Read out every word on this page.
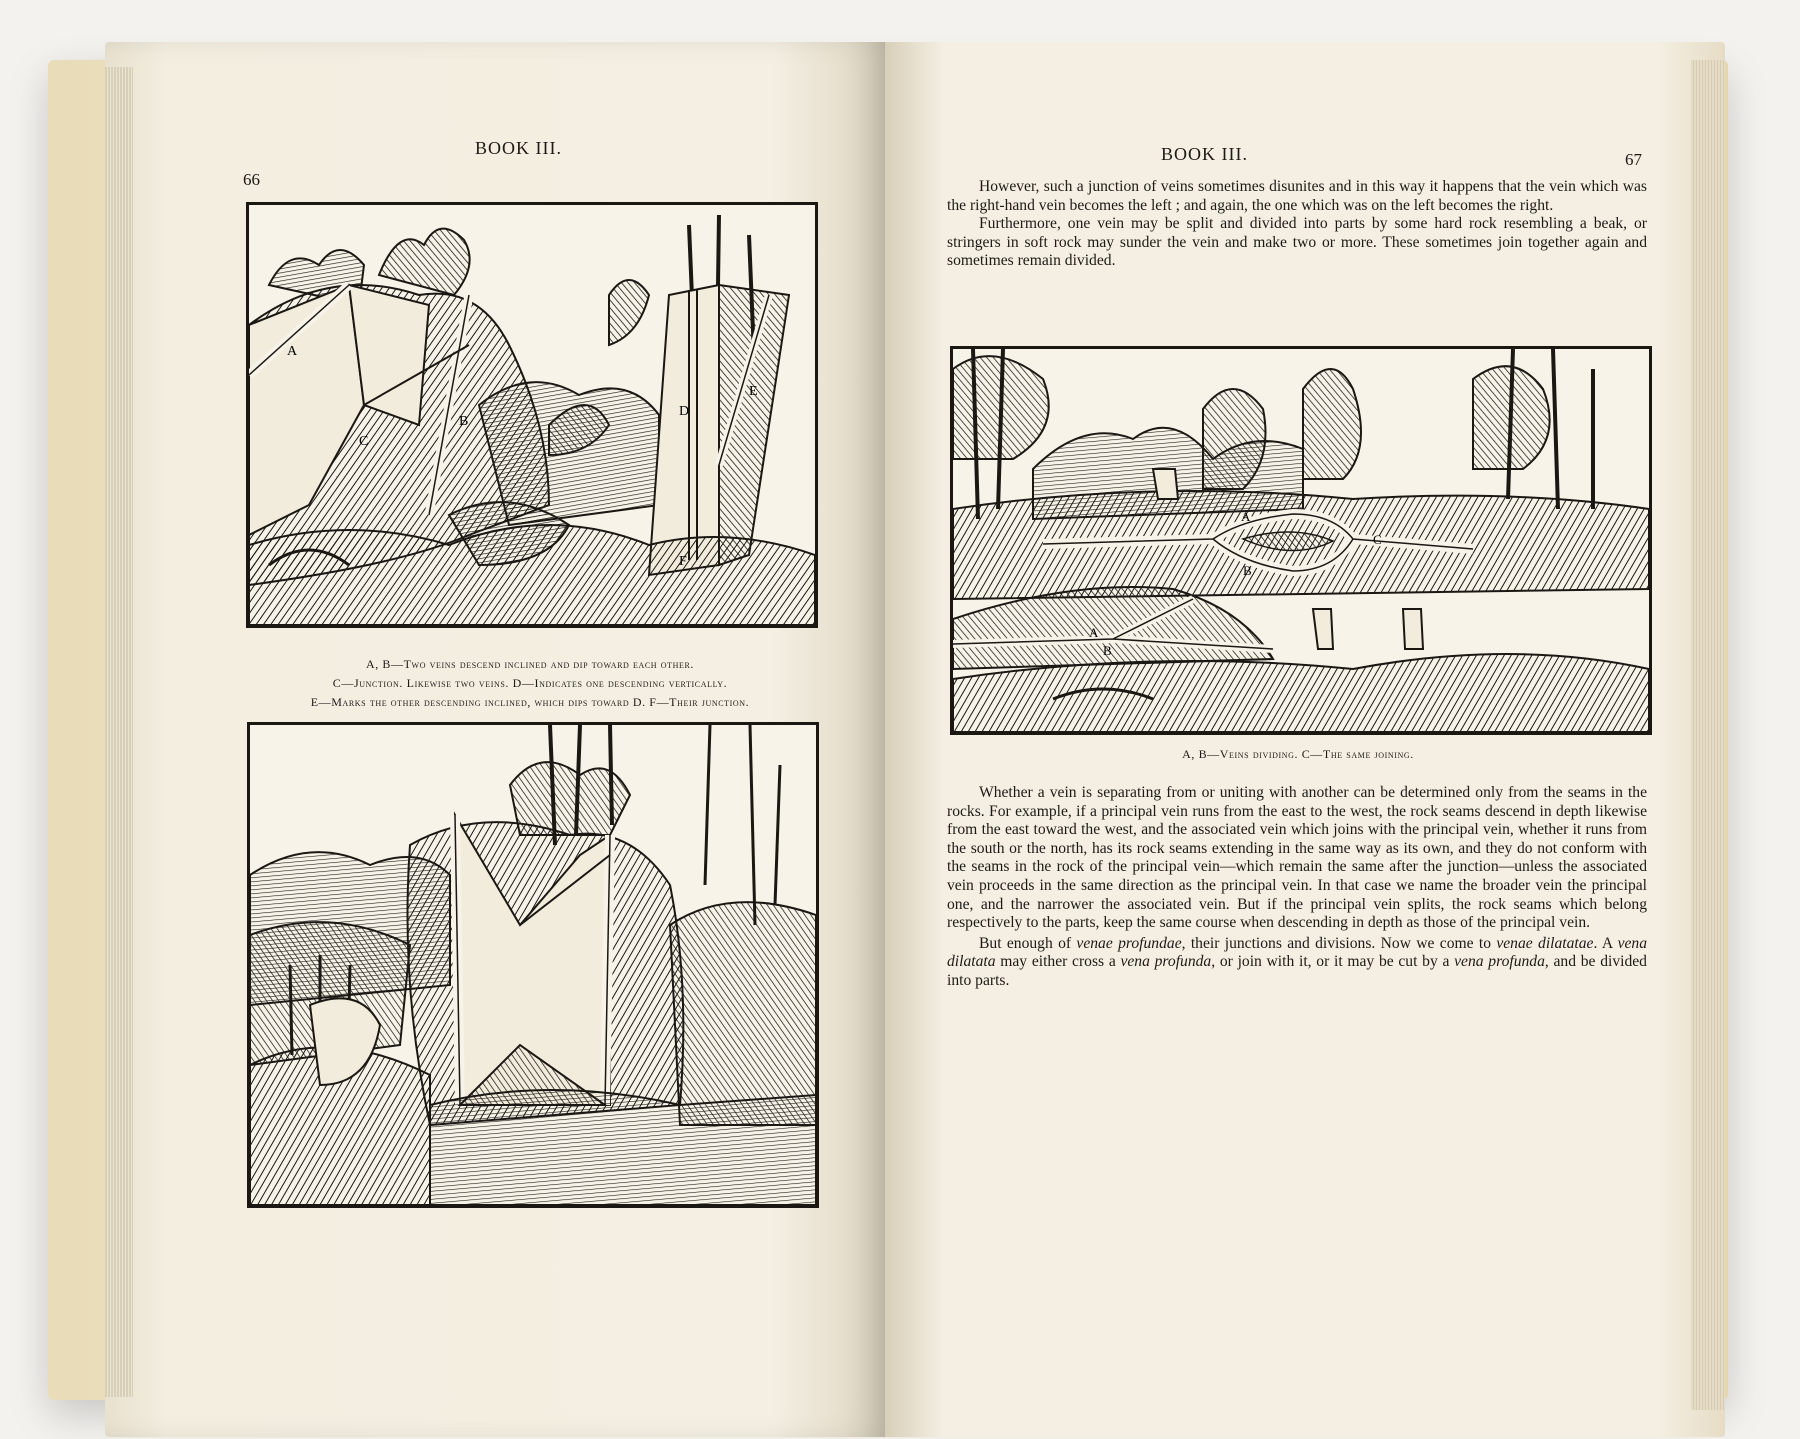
BOOK III.
66
A
B
C
D
E
F
A, B—Two veins descend inclined and dip toward each other.
C—Junction. Likewise two veins. D—Indicates one descending vertically.
E—Marks the other descending inclined, which dips toward D. F—Their junction.
BOOK III.	67

However, such a junction of veins sometimes disunites and in this way it happens that the vein which was the right-hand vein becomes the left ; and again, the one which was on the left becomes the right.

Furthermore, one vein may be split and divided into parts by some hard rock resembling a beak, or stringers in soft rock may sunder the vein and make two or more. These sometimes join together again and sometimes remain divided.

A
B
C
A
B
A, B—Veins dividing. C—The same joining.

Whether a vein is separating from or uniting with another can be determined only from the seams in the rocks. For example, if a principal vein runs from the east to the west, the rock seams descend in depth likewise from the east toward the west, and the associated vein which joins with the principal vein, whether it runs from the south or the north, has its rock seams extending in the same way as its own, and they do not conform with the seams in the rock of the principal vein—which remain the same after the junction—unless the associated vein proceeds in the same direction as the principal vein. In that case we name the broader vein the principal one, and the narrower the associated vein. But if the principal vein splits, the rock seams which belong respectively to the parts, keep the same course when descending in depth as those of the principal vein.

But enough of venae profundae, their junctions and divisions. Now we come to venae dilatatae. A vena dilatata may either cross a vena profunda, or join with it, or it may be cut by a vena profunda, and be divided into parts.
